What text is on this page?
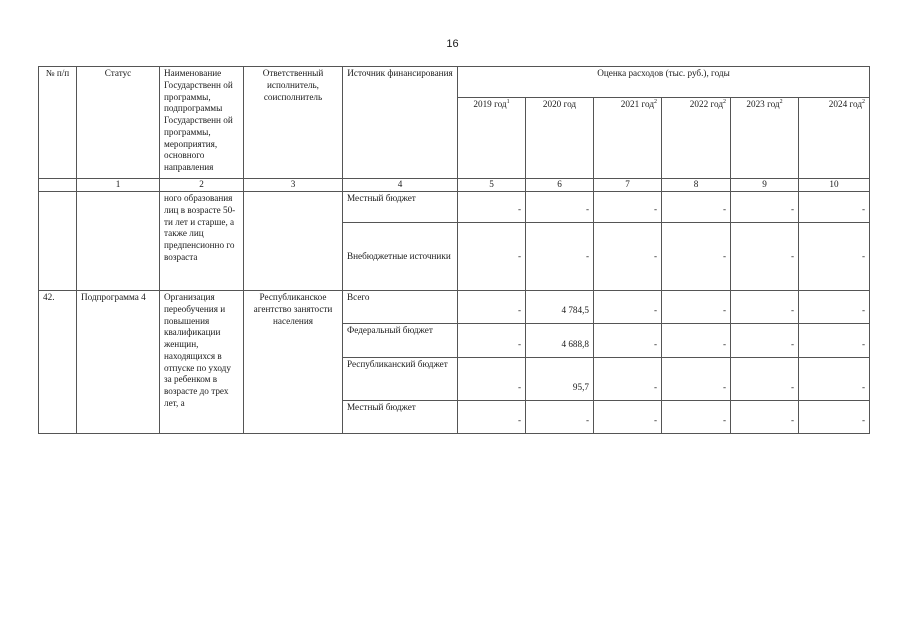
16
№ п/п	Статус	Наименование Государственн ой программы, подпрограммы Государственн ой программы, мероприятия, основного направления	Ответственный исполнитель, соисполнитель	Источник финансирования	Оценка расходов (тыс. руб.), годы					
					2019 год$^1$	2020 год	2021 год$^2$	2022 год$^2$	2023 год$^2$	2024 год$^2$
	1	2	3	4	5	6	7	8	9	10
		ного образования лиц в возрасте 50-ти лет и старше, а также лиц предпенсионно го возраста		Местный бюджет	-	-	-	-	-	-
				Внебюджетные источники	-	-	-	-	-	-
42.	Подпрограмма 4	Организация переобучения и повышения квалификации женщин, находящихся в отпуске по уходу за ребенком в возрасте до трех лет, а	Республиканское агентство занятости населения	Всего	-	4 784,5	-	-	-	-
				Федеральный бюджет	-	4 688,8	-	-	-	-
				Республиканский бюджет	-	95,7	-	-	-	-
				Местный бюджет	-	-	-	-	-	-
